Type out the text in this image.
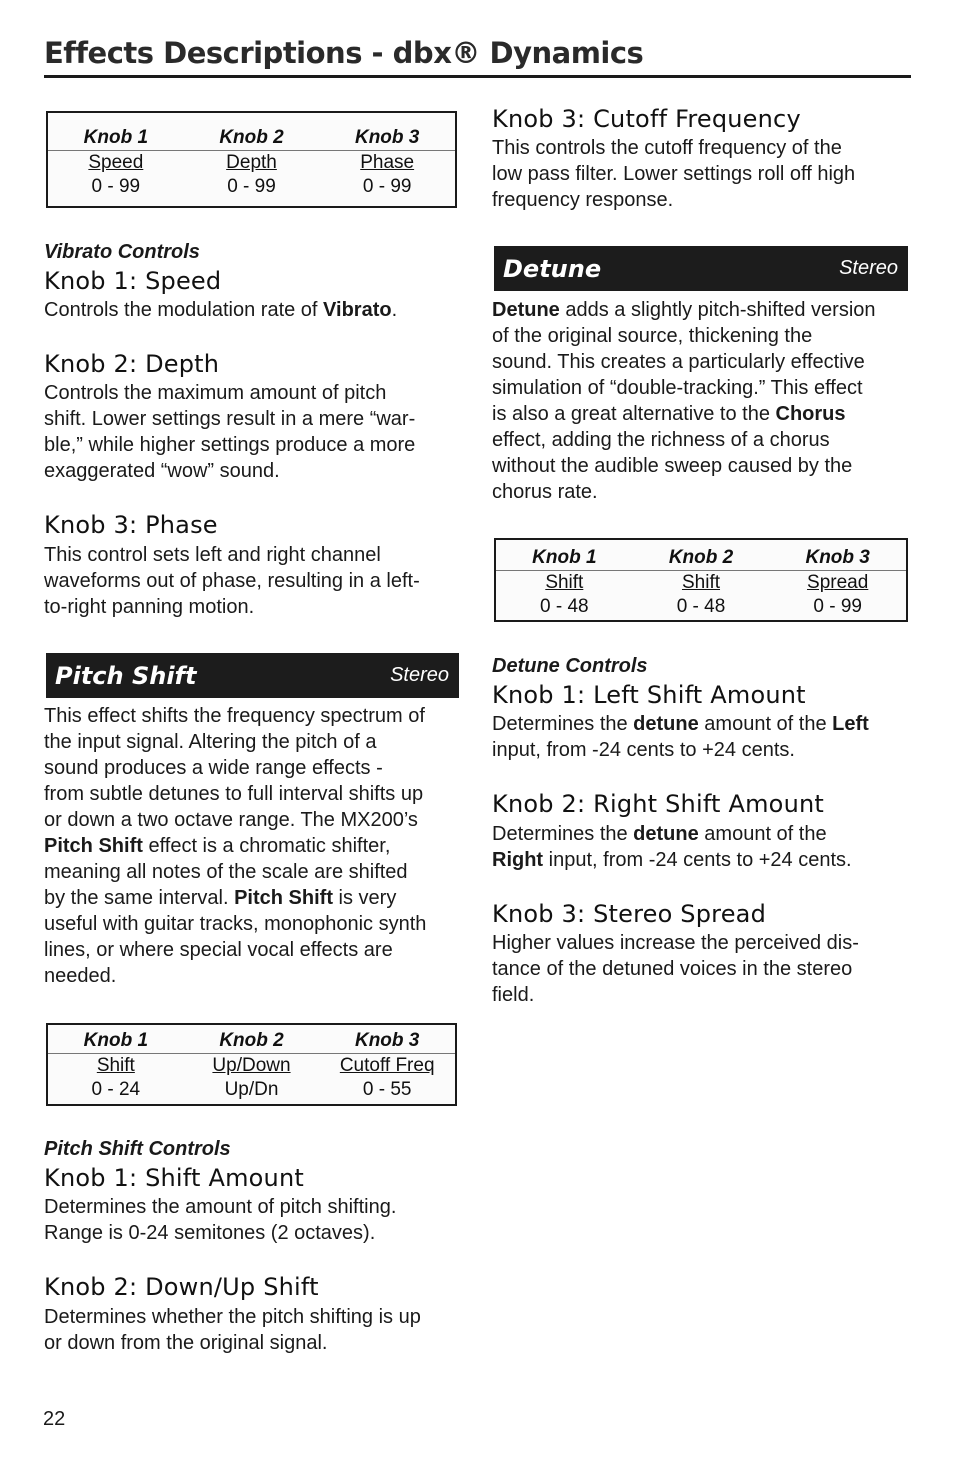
Effects Descriptions - dbx® Dynamics
Knob 1	Knob 2	Knob 3
Speed	Depth	Phase
0 - 99	0 - 99	0 - 99

Vibrato Controls

Knob 1: Speed

Controls the modulation rate of Vibrato.

Knob 2: Depth

Controls the maximum amount of pitch
shift. Lower settings result in a mere “war-
ble,” while higher settings produce a more
exaggerated “wow” sound.

Knob 3: Phase

This control sets left and right channel
waveforms out of phase, resulting in a left-
to-right panning motion.

Pitch Shift	Stereo

This effect shifts the frequency spectrum of
the input signal. Altering the pitch of a
sound produces a wide range effects -
from subtle detunes to full interval shifts up
or down a two octave range. The MX200’s
Pitch Shift effect is a chromatic shifter,
meaning all notes of the scale are shifted
by the same interval. Pitch Shift is very
useful with guitar tracks, monophonic synth
lines, or where special vocal effects are
needed.

Knob 1	Knob 2	Knob 3
Shift	Up/Down	Cutoff Freq
0 - 24	Up/Dn	0 - 55

Pitch Shift Controls

Knob 1: Shift Amount

Determines the amount of pitch shifting.
Range is 0-24 semitones (2 octaves).

Knob 2: Down/Up Shift

Determines whether the pitch shifting is up
or down from the original signal.

22

Knob 3: Cutoff Frequency

This controls the cutoff frequency of the
low pass filter. Lower settings roll off high
frequency response.

Detune	Stereo

Detune adds a slightly pitch-shifted version
of the original source, thickening the
sound. This creates a particularly effective
simulation of “double-tracking.” This effect
is also a great alternative to the Chorus
effect, adding the richness of a chorus
without the audible sweep caused by the
chorus rate.

Knob 1	Knob 2	Knob 3
Shift	Shift	Spread
0 - 48	0 - 48	0 - 99

Detune Controls

Knob 1: Left Shift Amount

Determines the detune amount of the Left
input, from -24 cents to +24 cents.

Knob 2: Right Shift Amount

Determines the detune amount of the
Right input, from -24 cents to +24 cents.

Knob 3: Stereo Spread

Higher values increase the perceived dis-
tance of the detuned voices in the stereo
field.
